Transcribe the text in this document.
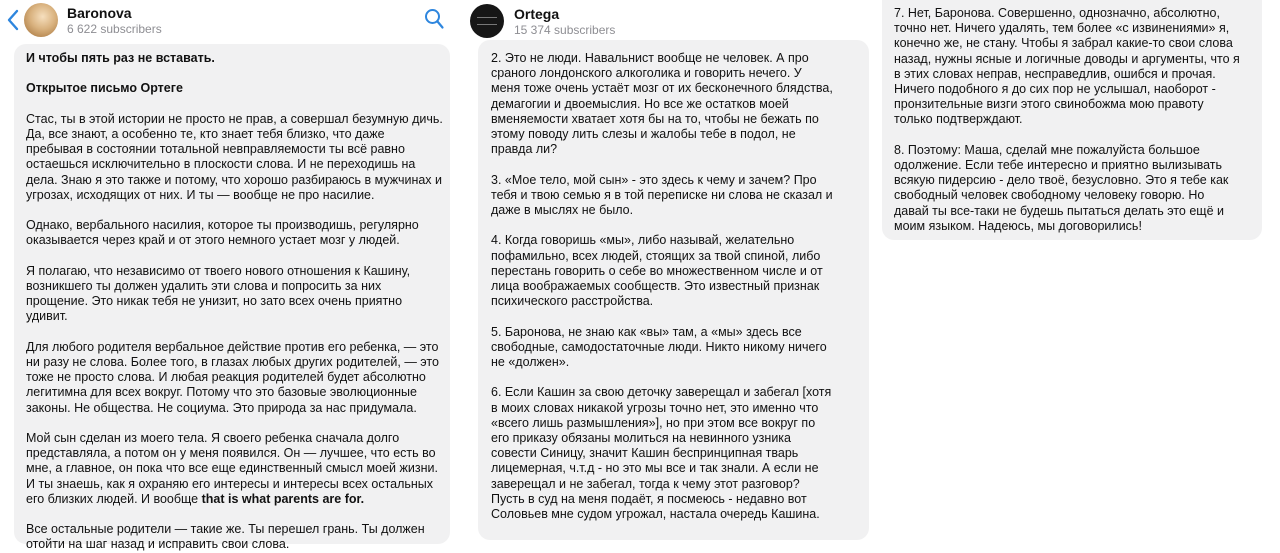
Baronova
6 622 subscribers
И чтобы пять раз не вставать.
Открытое письмо Ортеге
Стас, ты в этой истории не просто не прав, а совершал безумную дичь.
Да, все знают, а особенно те, кто знает тебя близко, что даже
пребывая в состоянии тотальной невправляемости ты всё равно
остаешься исключительно в плоскости слова. И не переходишь на
дела. Знаю я это также и потому, что хорошо разбираюсь в мужчинах и
угрозах, исходящих от них. И ты — вообще не про насилие.
Однако, вербального насилия, которое ты производишь, регулярно
оказывается через край и от этого немного устает мозг у людей.
Я полагаю, что независимо от твоего нового отношения к Кашину,
возникшего ты должен удалить эти слова и попросить за них
прощение. Это никак тебя не унизит, но зато всех очень приятно
удивит.
Для любого родителя вербальное действие против его ребенка, — это
ни разу не слова. Более того, в глазах любых других родителей, — это
тоже не просто слова. И любая реакция родителей будет абсолютно
легитимна для всех вокруг. Потому что это базовые эволюционные
законы. Не общества. Не социума. Это природа за нас придумала.
Мой сын сделан из моего тела. Я своего ребенка сначала долго
представляла, а потом он у меня появился. Он — лучшее, что есть во
мне, а главное, он пока что все еще единственный смысл моей жизни.
И ты знаешь, как я охраняю его интересы и интересы всех остальных
его близких людей. И вообще that is what parents are for.
Все остальные родители — такие же. Ты перешел грань. Ты должен
отойти на шаг назад и исправить свои слова.
Ortega
15 374 subscribers
2. Это не люди. Навальнист вообще не человек. А про
сраного лондонского алкоголика и говорить нечего. У
меня тоже очень устаёт мозг от их бесконечного блядства,
демагогии и двоемыслия. Но все же остатков моей
вменяемости хватает хотя бы на то, чтобы не бежать по
этому поводу лить слезы и жалобы тебе в подол, не
правда ли?
3. «Мое тело, мой сын» - это здесь к чему и зачем? Про
тебя и твою семью я в той переписке ни слова не сказал и
даже в мыслях не было.
4. Когда говоришь «мы», либо называй, желательно
пофамильно, всех людей, стоящих за твой спиной, либо
перестань говорить о себе во множественном числе и от
лица воображаемых сообществ. Это известный признак
психического расстройства.
5. Баронова, не знаю как «вы» там, а «мы» здесь все
свободные, самодостаточные люди. Никто никому ничего
не «должен».
6. Если Кашин за свою деточку заверещал и забегал [хотя
в моих словах никакой угрозы точно нет, это именно что
«всего лишь размышления»], но при этом все вокруг по
его приказу обязаны молиться на невинного узника
совести Синицу, значит Кашин беспринципная тварь
лицемерная, ч.т.д - но это мы все и так знали. А если не
заверещал и не забегал, тогда к чему этот разговор?
Пусть в суд на меня подаёт, я посмеюсь - недавно вот
Соловьев мне судом угрожал, настала очередь Кашина.
7. Нет, Баронова. Совершенно, однозначно, абсолютно,
точно нет. Ничего удалять, тем более «с извинениями» я,
конечно же, не стану. Чтобы я забрал какие-то свои слова
назад, нужны ясные и логичные доводы и аргументы, что я
в этих словах неправ, несправедлив, ошибся и прочая.
Ничего подобного я до сих пор не услышал, наоборот -
пронзительные визги этого свинобожма мою правоту
только подтверждают.
8. Поэтому: Маша, сделай мне пожалуйста большое
одолжение. Если тебе интересно и приятно вылизывать
всякую пидерсию - дело твоё, безусловно. Это я тебе как
свободный человек свободному человеку говорю. Но
давай ты все-таки не будешь пытаться делать это ещё и
моим языком. Надеюсь, мы договорились!
